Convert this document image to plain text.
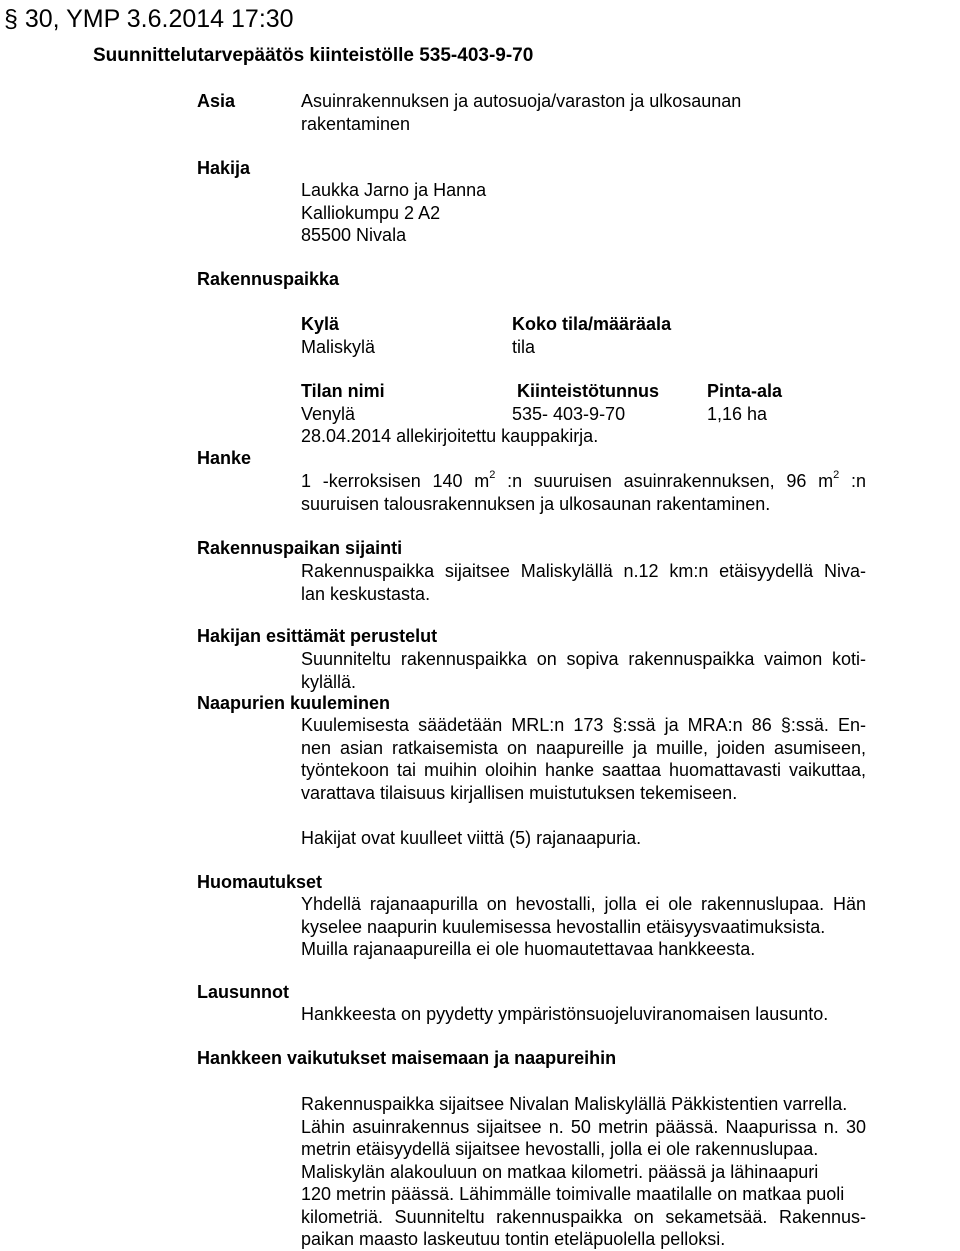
§ 30, YMP 3.6.2014 17:30
Suunnittelutarvepäätös kiinteistölle 535-403-9-70
Asia	Asuinrakennuksen ja autosuoja/varaston ja ulkosaunan
rakentaminen
Hakija
Laukka Jarno ja Hanna
Kalliokumpu 2 A2
85500 Nivala
Rakennuspaikka
Kylä	Koko tila/määräala
Maliskylä	tila
Tilan nimi	Kiinteistötunnus	Pinta-ala
Venylä	535- 403-9-70	1,16 ha
28.04.2014 allekirjoitettu kauppakirja.
Hanke
1 -kerroksisen 140 $m^2$ :n suuruisen asuinrakennuksen, 96 $m^2$ :n
suuruisen talousrakennuksen ja ulkosaunan rakentaminen.
Rakennuspaikan sijainti
Rakennuspaikka sijaitsee Maliskylällä n.12 km:n etäisyydellä Niva-
lan keskustasta.
Hakijan esittämät perustelut
Suunniteltu rakennuspaikka on sopiva rakennuspaikka vaimon koti-
kylällä.
Naapurien kuuleminen
Kuulemisesta säädetään MRL:n 173 §:ssä ja MRA:n 86 §:ssä. En-
nen asian ratkaisemista on naapureille ja muille, joiden asumiseen,
työntekoon tai muihin oloihin hanke saattaa huomattavasti vaikuttaa,
varattava tilaisuus kirjallisen muistutuksen tekemiseen.
Hakijat ovat kuulleet viittä (5) rajanaapuria.
Huomautukset
Yhdellä rajanaapurilla on hevostalli, jolla ei ole rakennuslupaa. Hän
kyselee naapurin kuulemisessa hevostallin etäisyysvaatimuksista.
Muilla rajanaapureilla ei ole huomautettavaa hankkeesta.
Lausunnot
Hankkeesta on pyydetty ympäristönsuojeluviranomaisen lausunto.
Hankkeen vaikutukset maisemaan ja naapureihin
Rakennuspaikka sijaitsee Nivalan Maliskylällä Päkkistentien varrella.
Lähin asuinrakennus sijaitsee n. 50 metrin päässä. Naapurissa n. 30
metrin etäisyydellä sijaitsee hevostalli, jolla ei ole rakennuslupaa.
Maliskylän alakouluun on matkaa kilometri. päässä ja lähinaapuri
120 metrin päässä. Lähimmälle toimivalle maatilalle on matkaa puoli
kilometriä. Suunniteltu rakennuspaikka on sekametsää. Rakennus-
paikan maasto laskeutuu tontin eteläpuolella pelloksi.
